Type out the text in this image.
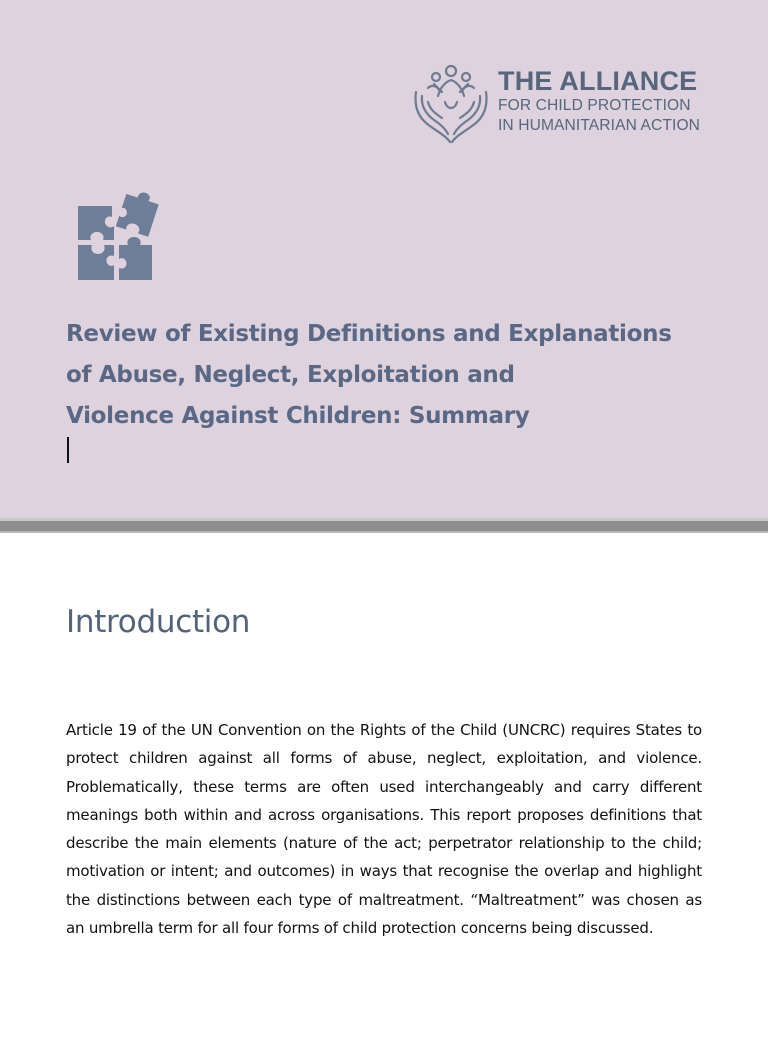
THE ALLIANCE
FOR CHILD PROTECTION
IN HUMANITARIAN ACTION
Review of Existing Definitions and Explanations
of Abuse, Neglect, Exploitation and
Violence Against Children: Summary
Introduction

Article 19 of the UN Convention on the Rights of the Child (UNCRC) requires States to protect children against all forms of abuse, neglect, exploitation, and violence. Problematically, these terms are often used interchangeably and carry different meanings both within and across organisations. This report proposes definitions that describe the main elements (nature of the act; perpetrator relationship to the child; motivation or intent; and outcomes) in ways that recognise the overlap and highlight the distinctions between each type of maltreatment. “Maltreatment” was chosen as an umbrella term for all four forms of child protection concerns being discussed.
